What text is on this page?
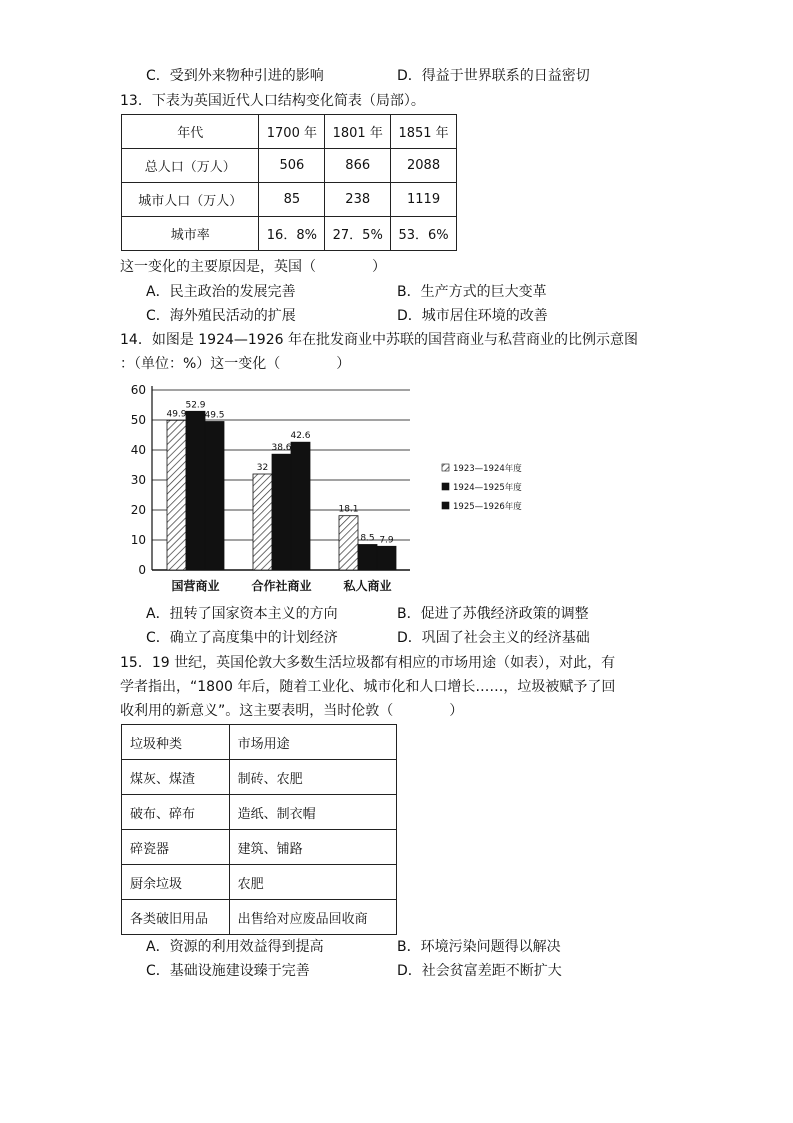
C．受到外来物种引进的影响	D．得益于世界联系的日益密切
13．下表为英国近代人口结构变化简表（局部）。
年代	1700 年	1801 年	1851 年
总人口（万人）	506	866	2088
城市人口（万人）	85	238	1119
城市率	16．8%	27．5%	53．6%
这一变化的主要原因是，英国（　　　　）
A．民主政治的发展完善	B．生产方式的巨大变革
C．海外殖民活动的扩展	D．城市居住环境的改善
14．如图是 1924—1926 年在批发商业中苏联的国营商业与私营商业的比例示意图
：（单位：%）这一变化（　　　　）
0
10
20
30
40
50
60
49.9
52.9
49.5
国营商业
32
38.6
42.6
合作社商业
18.1
8.5 7.9
私人商业
1923—1924年度
1924—1925年度
1925—1926年度
A．扭转了国家资本主义的方向	B．促进了苏俄经济政策的调整
C．确立了高度集中的计划经济	D．巩固了社会主义的经济基础
15．19 世纪，英国伦敦大多数生活垃圾都有相应的市场用途（如表），对此，有
学者指出，“1800 年后，随着工业化、城市化和人口增长……，垃圾被赋予了回
收利用的新意义”。这主要表明，当时伦敦（　　　　）
垃圾种类	市场用途
煤灰、煤渣	制砖、农肥
破布、碎布	造纸、制衣帽
碎瓷器	建筑、铺路
厨余垃圾	农肥
各类破旧用品	出售给对应废品回收商
A．资源的利用效益得到提高	B．环境污染问题得以解决
C．基础设施建设臻于完善	D．社会贫富差距不断扩大
